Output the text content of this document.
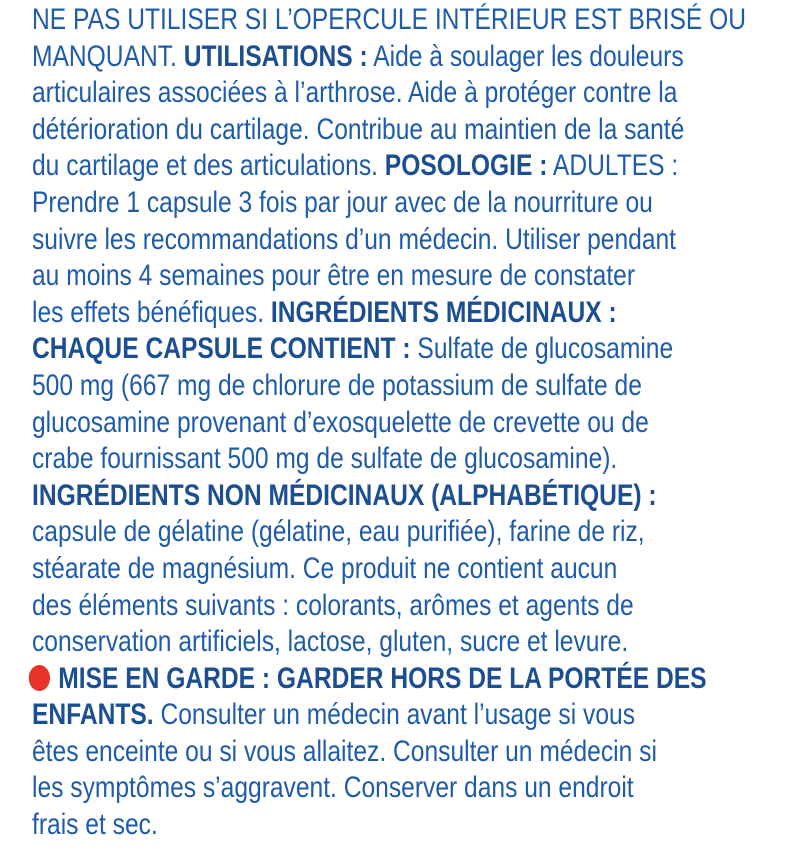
NE PAS UTILISER SI L’OPERCULE INTÉRIEUR EST BRISÉ OU
MANQUANT. UTILISATIONS : Aide à soulager les douleurs
articulaires associées à l’arthrose. Aide à protéger contre la
détérioration du cartilage. Contribue au maintien de la santé
du cartilage et des articulations. POSOLOGIE : ADULTES :
Prendre 1 capsule 3 fois par jour avec de la nourriture ou
suivre les recommandations d’un médecin. Utiliser pendant
au moins 4 semaines pour être en mesure de constater
les effets bénéfiques. INGRÉDIENTS MÉDICINAUX :
CHAQUE CAPSULE CONTIENT : Sulfate de glucosamine
500 mg (667 mg de chlorure de potassium de sulfate de
glucosamine provenant d’exosquelette de crevette ou de
crabe fournissant 500 mg de sulfate de glucosamine).
INGRÉDIENTS NON MÉDICINAUX (ALPHABÉTIQUE) :
capsule de gélatine (gélatine, eau purifiée), farine de riz,
stéarate de magnésium. Ce produit ne contient aucun
des éléments suivants : colorants, arômes et agents de
conservation artificiels, lactose, gluten, sucre et levure.
MISE EN GARDE : GARDER HORS DE LA PORTÉE DES
ENFANTS. Consulter un médecin avant l’usage si vous
êtes enceinte ou si vous allaitez. Consulter un médecin si
les symptômes s’aggravent. Conserver dans un endroit
frais et sec.
